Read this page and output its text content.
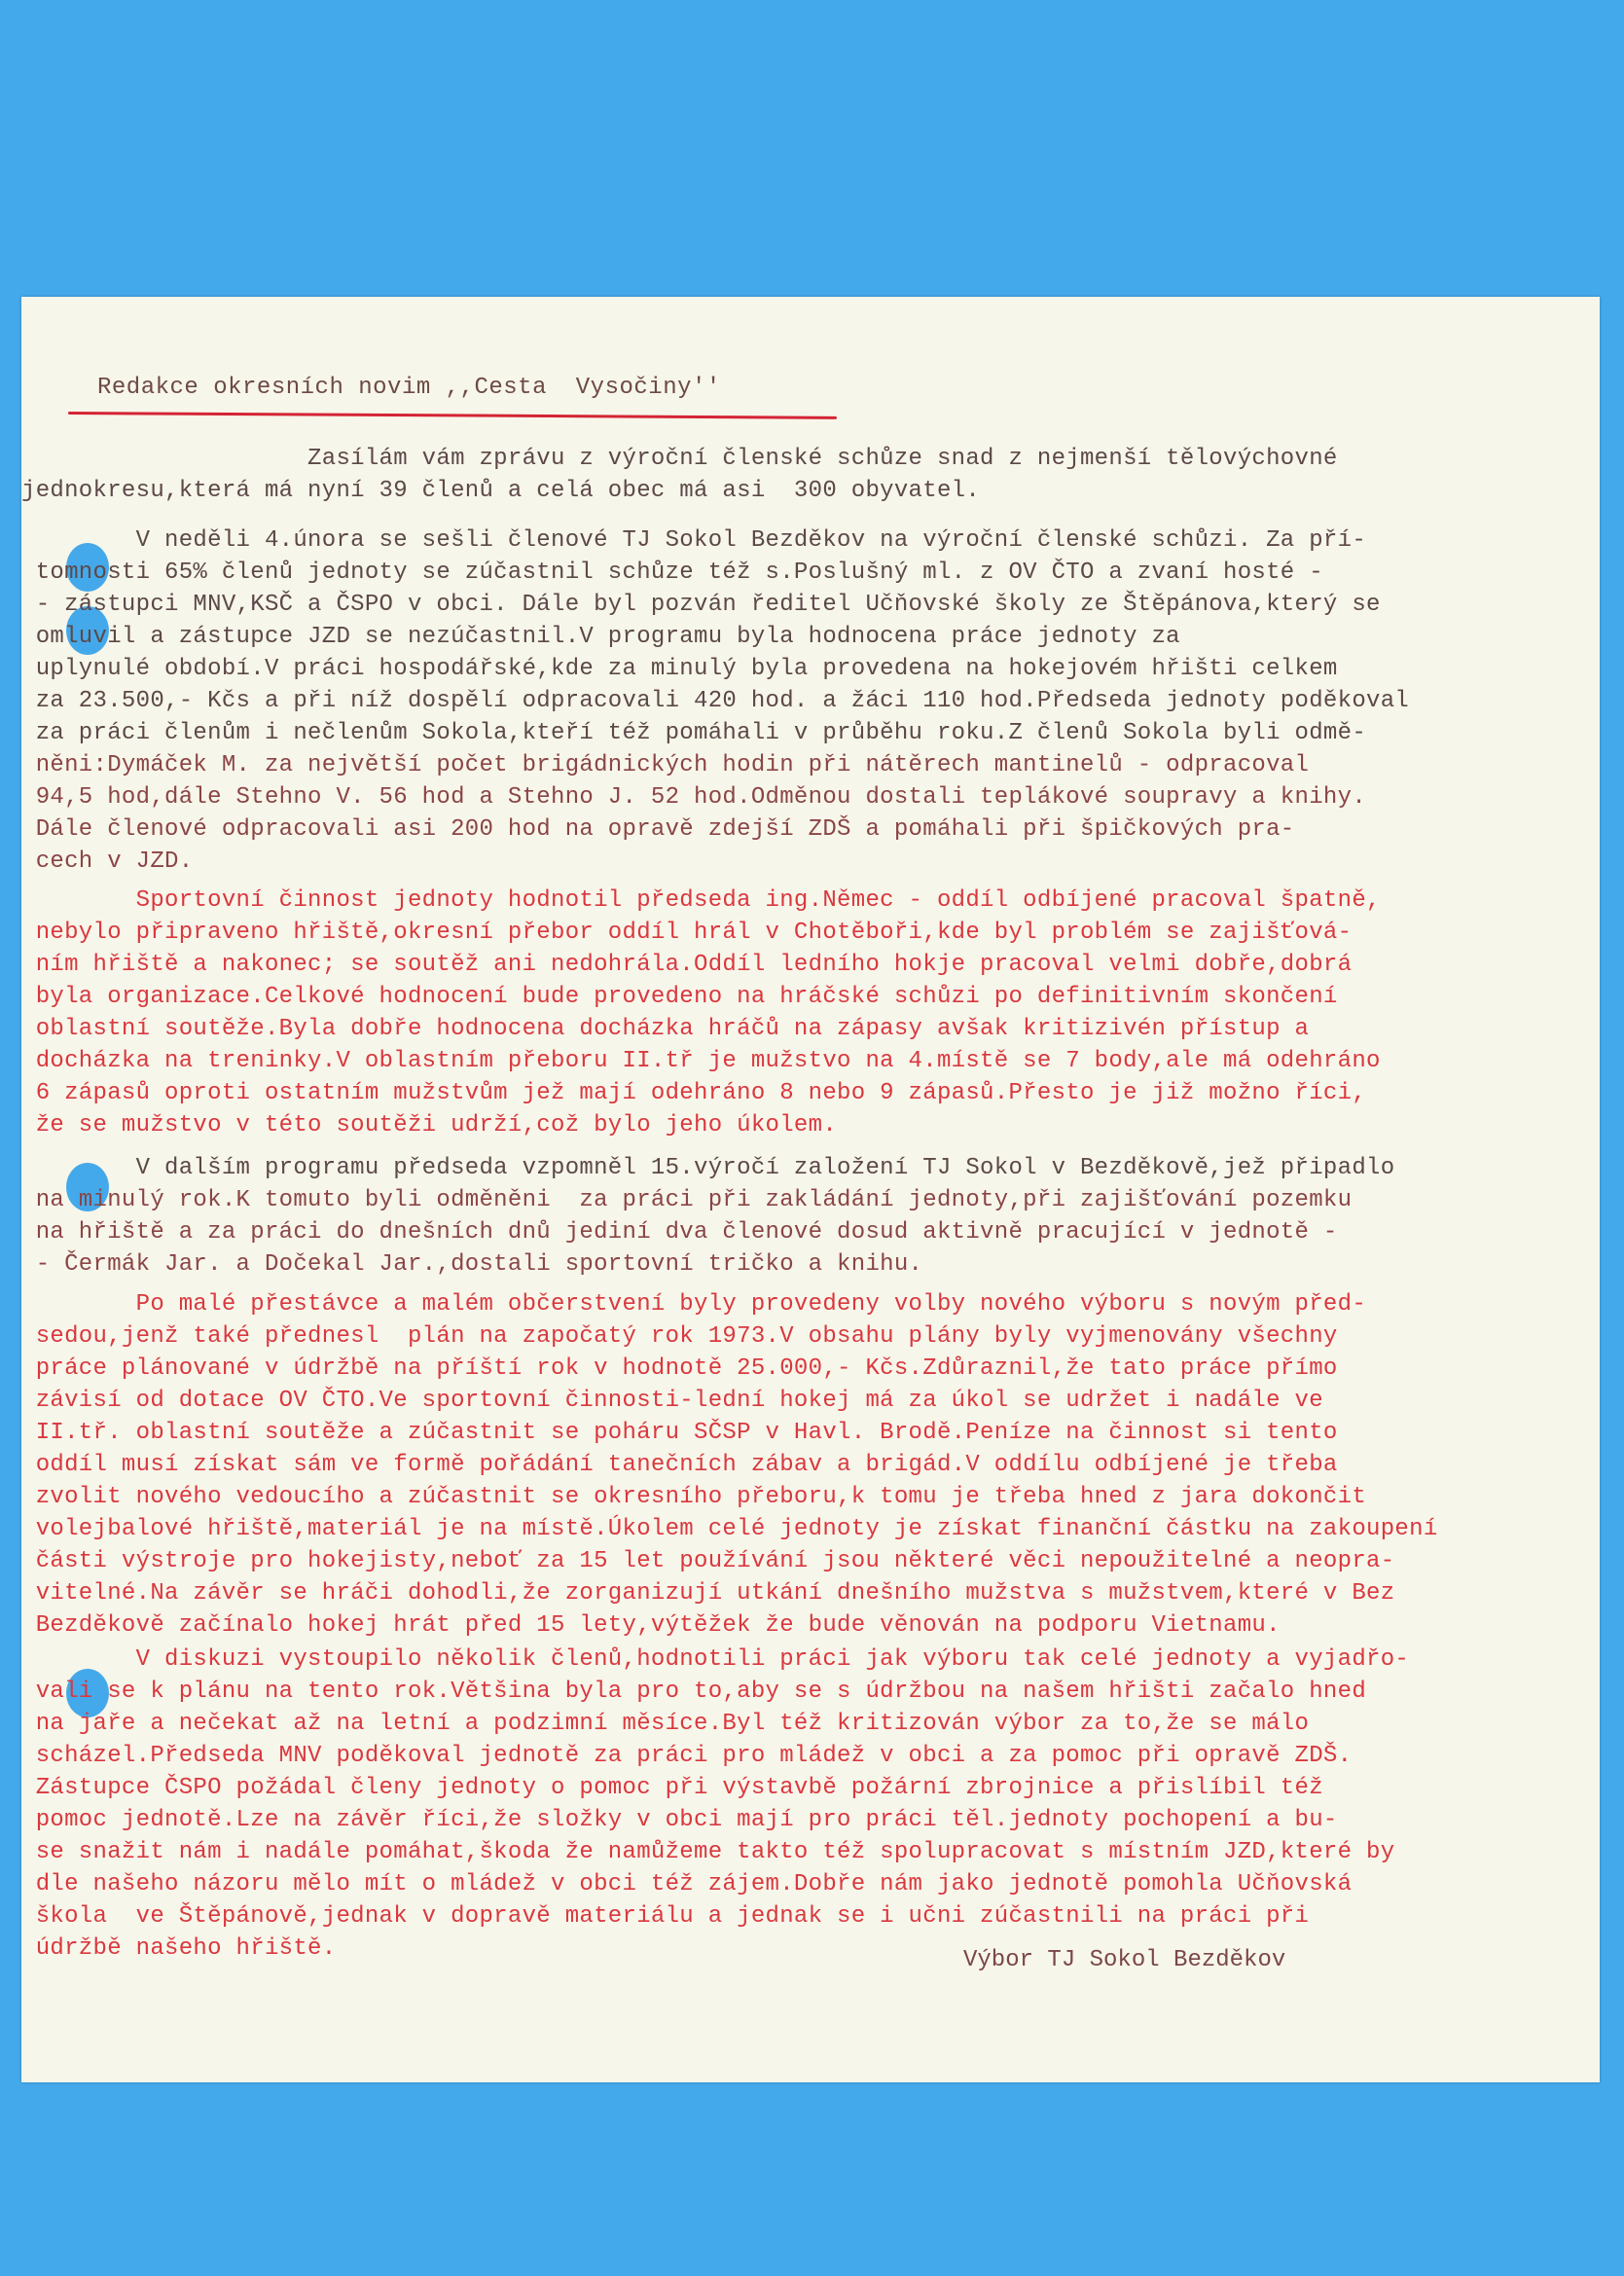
Redakce okresních novim ,,Cesta  Vysočiny''
Zasílám vám zprávu z výroční členské schůze snad z nejmenší tělovýchovné
jednokresu,která má nyní 39 členů a celá obec má asi  300 obyvatel.
V neděli 4.února se sešli členové TJ Sokol Bezděkov na výroční členské schůzi. Za pří-
tomnosti 65% členů jednoty se zúčastnil schůze též s.Poslušný ml. z OV ČTO a zvaní hosté -
- zástupci MNV,KSČ a ČSPO v obci. Dále byl pozván ředitel Učňovské školy ze Štěpánova,který se
omluvil a zástupce JZD se nezúčastnil.V programu byla hodnocena práce jednoty za
uplynulé období.V práci hospodářské,kde za minulý byla provedena na hokejovém hřišti celkem
za 23.500,- Kčs a při níž dospělí odpracovali 420 hod. a žáci 110 hod.Předseda jednoty poděkoval
za práci členům i nečlenům Sokola,kteří též pomáhali v průběhu roku.Z členů Sokola byli odmě-
něni:Dymáček M. za největší počet brigádnických hodin při nátěrech mantinelů - odpracoval
94,5 hod,dále Stehno V. 56 hod a Stehno J. 52 hod.Odměnou dostali teplákové soupravy a knihy.
Dále členové odpracovali asi 200 hod na opravě zdejší ZDŠ a pomáhali při špičkových pra-
cech v JZD.
Sportovní činnost jednoty hodnotil předseda ing.Němec - oddíl odbíjené pracoval špatně,
nebylo připraveno hřiště,okresní přebor oddíl hrál v Chotěboři,kde byl problém se zajišťová-
ním hřiště a nakonec; se soutěž ani nedohrála.Oddíl ledního hokje pracoval velmi dobře,dobrá
byla organizace.Celkové hodnocení bude provedeno na hráčské schůzi po definitivním skončení
oblastní soutěže.Byla dobře hodnocena docházka hráčů na zápasy avšak kritizivén přístup a
docházka na treninky.V oblastním přeboru II.tř je mužstvo na 4.místě se 7 body,ale má odehráno
6 zápasů oproti ostatním mužstvům jež mají odehráno 8 nebo 9 zápasů.Přesto je již možno říci,
že se mužstvo v této soutěži udrží,což bylo jeho úkolem.
V dalším programu předseda vzpomněl 15.výročí založení TJ Sokol v Bezděkově,jež připadlo
na minulý rok.K tomuto byli odměněni  za práci při zakládání jednoty,při zajišťování pozemku
na hřiště a za práci do dnešních dnů jediní dva členové dosud aktivně pracující v jednotě -
- Čermák Jar. a Dočekal Jar.,dostali sportovní tričko a knihu.
Po malé přestávce a malém občerstvení byly provedeny volby nového výboru s novým před-
sedou,jenž také přednesl  plán na započatý rok 1973.V obsahu plány byly vyjmenovány všechny
práce plánované v údržbě na příští rok v hodnotě 25.000,- Kčs.Zdůraznil,že tato práce přímo
závisí od dotace OV ČTO.Ve sportovní činnosti-lední hokej má za úkol se udržet i nadále ve
II.tř. oblastní soutěže a zúčastnit se poháru SČSP v Havl. Brodě.Peníze na činnost si tento
oddíl musí získat sám ve formě pořádání tanečních zábav a brigád.V oddílu odbíjené je třeba
zvolit nového vedoucího a zúčastnit se okresního přeboru,k tomu je třeba hned z jara dokončit
volejbalové hřiště,materiál je na místě.Úkolem celé jednoty je získat finanční částku na zakoupení
části výstroje pro hokejisty,neboť za 15 let používání jsou některé věci nepoužitelné a neopra-
vitelné.Na závěr se hráči dohodli,že zorganizují utkání dnešního mužstva s mužstvem,které v Bez
Bezděkově začínalo hokej hrát před 15 lety,výtěžek že bude věnován na podporu Vietnamu.
V diskuzi vystoupilo několik členů,hodnotili práci jak výboru tak celé jednoty a vyjadřo-
vali se k plánu na tento rok.Většina byla pro to,aby se s údržbou na našem hřišti začalo hned
na jaře a nečekat až na letní a podzimní měsíce.Byl též kritizován výbor za to,že se málo
scházel.Předseda MNV poděkoval jednotě za práci pro mládež v obci a za pomoc při opravě ZDŠ.
Zástupce ČSPO požádal členy jednoty o pomoc při výstavbě požární zbrojnice a přislíbil též
pomoc jednotě.Lze na závěr říci,že složky v obci mají pro práci těl.jednoty pochopení a bu-
se snažit nám i nadále pomáhat,škoda že namůžeme takto též spolupracovat s místním JZD,které by
dle našeho názoru mělo mít o mládež v obci též zájem.Dobře nám jako jednotě pomohla Učňovská
škola  ve Štěpánově,jednak v dopravě materiálu a jednak se i učni zúčastnili na práci při
údržbě našeho hřiště.	Výbor TJ Sokol Bezděkov
